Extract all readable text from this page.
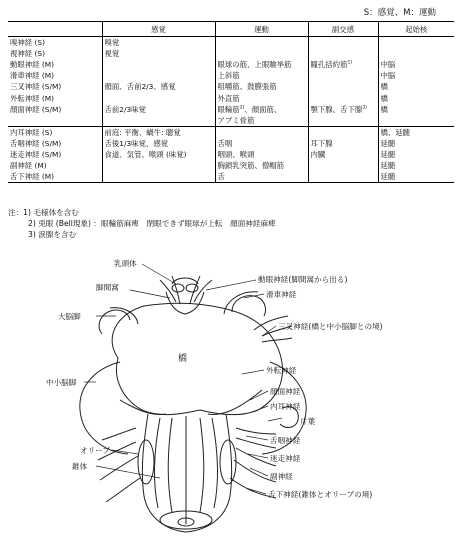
S：感覚、M：運動
	感覚	運動	副交感	起始核
嗅神経 (S)	嗅覚			
視神経 (S)	視覚			
動眼神経 (M)		眼球の筋、上眼瞼挙筋	瞳孔括約筋$^{1)}$	中脳
滑車神経 (M)		上斜筋		中脳
三叉神経 (S/M)	顔面、舌前2/3、感覚	咀嚼筋、鼓膜張筋		橋
外転神経 (M)		外直筋		橋
顔面神経 (S/M)	舌前2/3味覚	眼輪筋$^{2)}$、顔面筋、	顎下腺、舌下腺$^{3)}$	橋
		アブミ骨筋		
内耳神経 (S)	前庭: 平衡、蝸牛: 聴覚			橋、延髄
舌咽神経 (S/M)	舌後1/3味覚、感覚	舌咽	耳下腺	延髄
迷走神経 (S/M)	食道、気管、喉頭 (味覚)	咽頭、喉頭	内臓	延髄
副神経 (M)		胸鎖乳突筋、僧帽筋		延髄
舌下神経 (M)		舌		延髄
注：1) 毛様体を含む
2) 兎眼 (Bell現象) ：眼輪筋麻痺　閉眼できず眼球が上転　顔面神経麻痺
3) 涙腺を含む
乳頭体
脚間窩
大脳脚
橋
中小脳脚
オリーブ
錐体
動眼神経(脚間窩から出る)
滑車神経
三叉神経(橋と中小脳脚との境)
外転神経
顔面神経
内耳神経
片葉
舌咽神経
迷走神経
副神経
舌下神経(錐体とオリーブの境)
